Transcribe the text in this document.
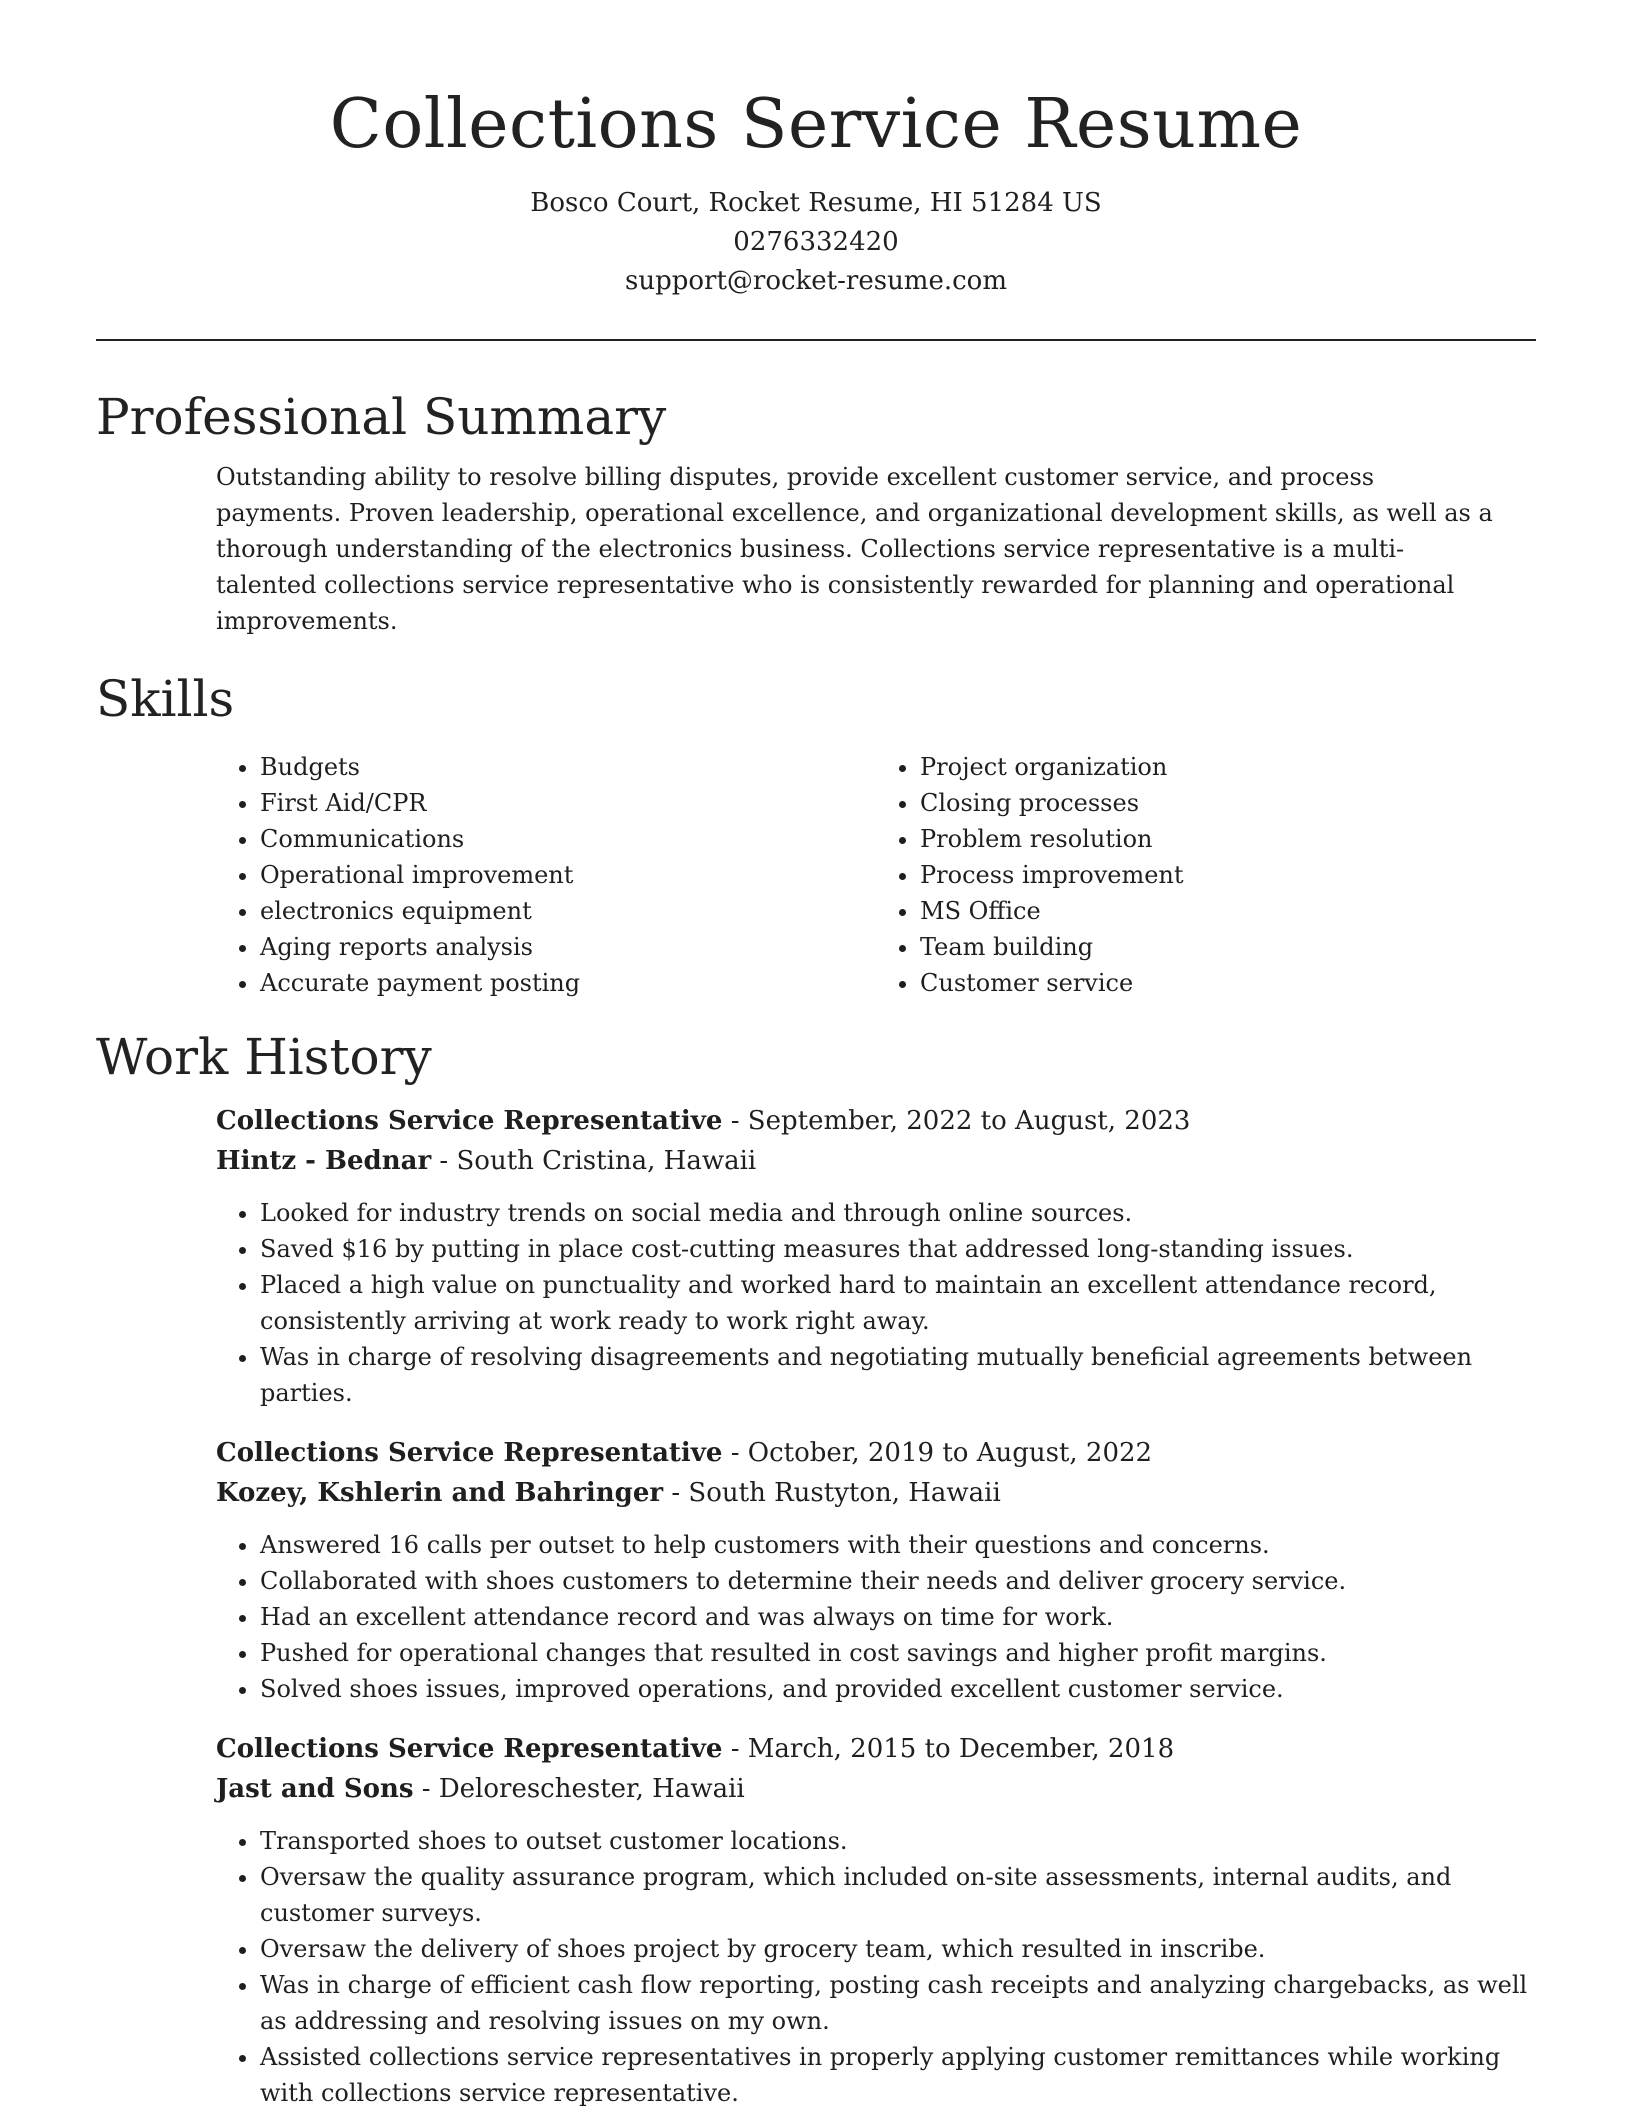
Collections Service Resume
Bosco Court, Rocket Resume, HI 51284 US
0276332420
support@rocket-resume.com
Professional Summary

Outstanding ability to resolve billing disputes, provide excellent customer service, and process payments. Proven leadership, operational excellence, and organizational development skills, as well as a thorough understanding of the electronics business. Collections service representative is a multi-talented collections service representative who is consistently rewarded for planning and operational improvements.

Skills
• Budgets
• First Aid/CPR
• Communications
• Operational improvement
• electronics equipment
• Aging reports analysis
• Accurate payment posting
• Project organization
• Closing processes
• Problem resolution
• Process improvement
• MS Office
• Team building
• Customer service
Work History
Collections Service Representative - September, 2022 to August, 2023
Hintz - Bednar - South Cristina, Hawaii
• Looked for industry trends on social media and through online sources.
• Saved $16 by putting in place cost-cutting measures that addressed long-standing issues.
• Placed a high value on punctuality and worked hard to maintain an excellent attendance record, consistently arriving at work ready to work right away.
• Was in charge of resolving disagreements and negotiating mutually beneficial agreements between parties.
Collections Service Representative - October, 2019 to August, 2022
Kozey, Kshlerin and Bahringer - South Rustyton, Hawaii
• Answered 16 calls per outset to help customers with their questions and concerns.
• Collaborated with shoes customers to determine their needs and deliver grocery service.
• Had an excellent attendance record and was always on time for work.
• Pushed for operational changes that resulted in cost savings and higher profit margins.
• Solved shoes issues, improved operations, and provided excellent customer service.
Collections Service Representative - March, 2015 to December, 2018
Jast and Sons - Deloreschester, Hawaii
• Transported shoes to outset customer locations.
• Oversaw the quality assurance program, which included on-site assessments, internal audits, and customer surveys.
• Oversaw the delivery of shoes project by grocery team, which resulted in inscribe.
• Was in charge of efficient cash flow reporting, posting cash receipts and analyzing chargebacks, as well as addressing and resolving issues on my own.
• Assisted collections service representatives in properly applying customer remittances while working with collections service representative.
